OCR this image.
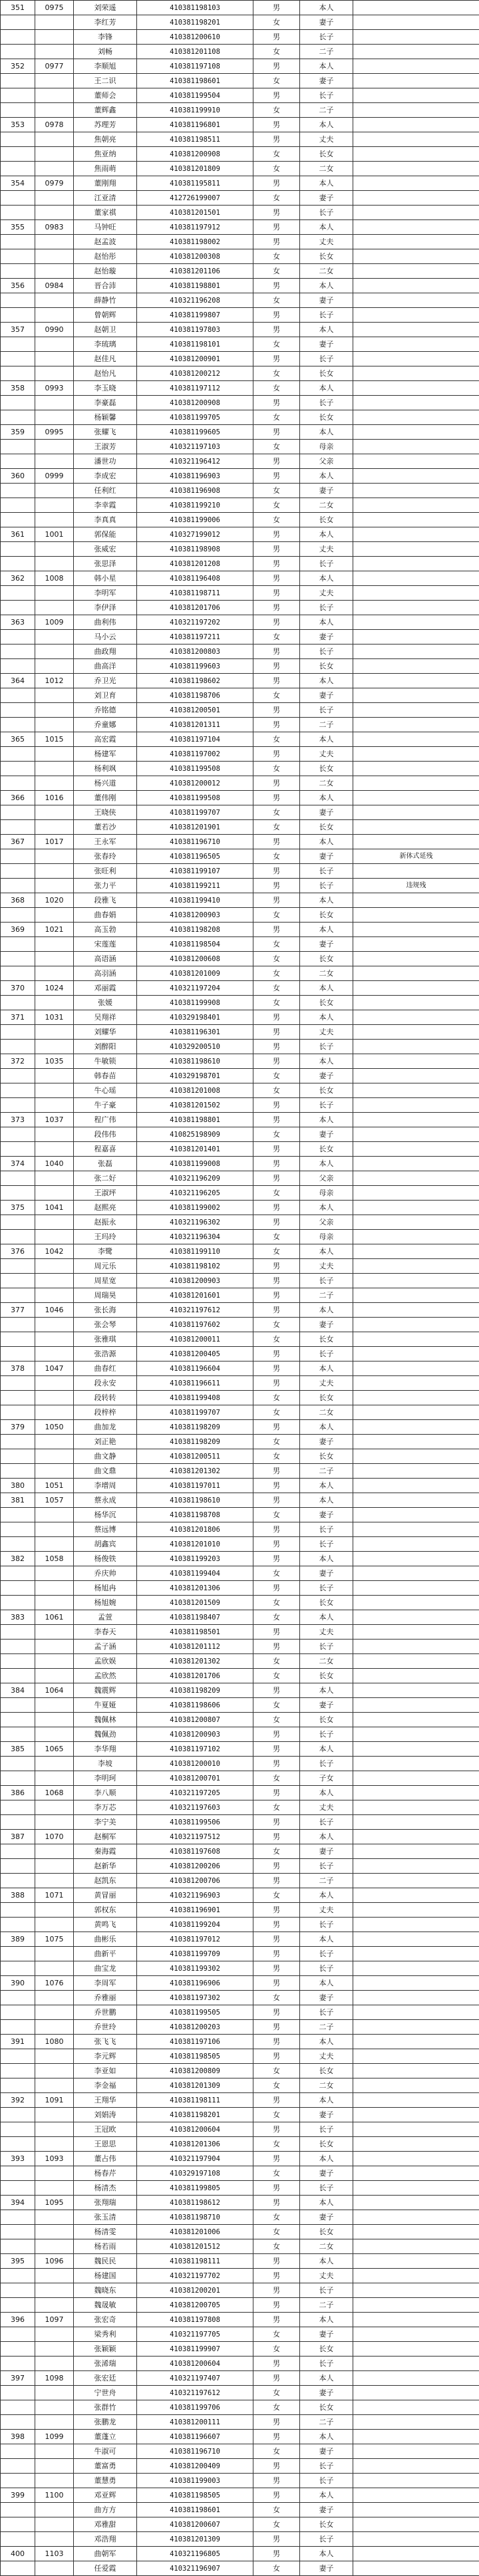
351	0975	刘荣遥	410381198103	男	本人	
		李红芳	410381198201	女	妻子	
		李锋	410381200610	男	长子	
		刘畅	410381201108	女	二子	
352	0977	李顺旭	410381197108	男	本人	
		王二识	410381198601	女	妻子	
		董师会	410381199504	男	长子	
		董辉鑫	410381199910	女	二子	
353	0978	苏理芳	410381196801	男	本人	
		焦朝亮	410381198511	男	丈夫	
		焦亚纳	410381200908	女	长女	
		焦雨萌	410381201809	女	二女	
354	0979	董刚翔	410381195811	男	本人	
		江亚清	412726199007	女	妻子	
		董家祺	410381201501	男	长子	
355	0983	马钟旺	410381197912	男	本人	
		赵孟波	410381198002	男	丈夫	
		赵怡彤	410381200308	女	长女	
		赵怡璇	410381201106	女	二女	
356	0984	晋合沛	410381198801	男	本人	
		薛静竹	410321196208	女	妻子	
		曾朝辉	410381199807	男	长子	
357	0990	赵朝卫	410381197803	男	本人	
		李琉璃	410381198101	女	妻子	
		赵佳凡	410381200901	男	长子	
		赵怡凡	410381200212	女	长女	
358	0993	李玉晓	410381197112	女	本人	
		李豪磊	410381200908	男	长子	
		杨颖馨	410381199705	女	长女	
359	0995	张耀飞	410381199605	男	本人	
		王淑芳	410321197103	女	母亲	
		潘世功	410321196412	男	父亲	
360	0999	李成宏	410381196903	男	本人	
		任利红	410381196908	女	妻子	
		李幸霞	410381199210	女	二女	
		李真真	410381199006	女	长女	
361	1001	郭保能	410327199012	男	本人	
		张威宏	410381198908	男	丈夫	
		张思泽	410381201208	男	长子	
362	1008	韩小星	410381196408	男	本人	
		李明军	410381198711	男	丈夫	
		李伊泽	410381201706	男	长子	
363	1009	曲利伟	410321197202	男	本人	
		马小云	410381197211	女	妻子	
		曲政翔	410381200803	男	长子	
		曲高洋	410381199603	男	长女	
364	1012	乔卫光	410381198602	男	本人	
		刘卫育	410381198706	女	妻子	
		乔铭德	410381200501	男	长子	
		乔童娜	410381201311	男	二子	
365	1015	高宏霞	410381197104	女	本人	
		杨建军	410381197002	男	丈夫	
		杨利飒	410381199508	女	长女	
		杨兴道	410381200012	男	二女	
366	1016	董伟刚	410381199508	男	本人	
		王晓侠	410381199707	女	妻子	
		董若沙	410381201901	女	长女	
367	1017	王永军	410381196710	男	本人	
		张春玲	410381196505	女	妻子	新体式延残
		张旺利	410381199107	男	长子	
		张力平	410381199211	男	长子	违规残
368	1020	段雅飞	410381199410	男	本人	
		曲春娟	410381200903	女	长女	
369	1021	高玉勃	410381198208	男	本人	
		宋莲莲	410381198504	女	妻子	
		高语涵	410381200608	女	长女	
		高羽涵	410381201009	女	二女	
370	1024	邓丽霞	410321197204	女	本人	
		张媛	410381199908	女	长女	
371	1031	吴翔祥	410329198401	男	本人	
		刘耀华	410381196301	男	丈夫	
		刘醉阳	410329200510	男	长子	
372	1035	牛敏锁	410381198610	男	本人	
		韩春苗	410329198701	女	妻子	
		牛心瑶	410381201008	女	长女	
		牛子豪	410381201502	男	长子	
373	1037	程广伟	410381198801	男	本人	
		段伟伟	410825198909	女	妻子	
		程嘉喜	410381201401	男	长女	
374	1040	张磊	410381199008	男	本人	
		张二好	410321196209	男	父亲	
		王淑坪	410321196205	女	母亲	
375	1041	赵熙亮	410381199002	男	本人	
		赵振永	410321196302	男	父亲	
		王玛玲	410321196304	女	母亲	
376	1042	李鹭	410381199110	女	本人	
		周元乐	410381198102	男	丈夫	
		周星宽	410381200903	男	长子	
		周瑞昊	410381201601	男	二子	
377	1046	张长海	410321197612	男	本人	
		张会琴	410381197602	女	妻子	
		张雅琪	410381200011	女	长女	
		张浩源	410381200405	男	长子	
378	1047	曲春红	410381196604	男	本人	
		段永安	410381196611	男	丈夫	
		段转转	410381199408	女	长女	
		段梓梓	410381199707	女	二女	
379	1050	曲加龙	410381198209	男	本人	
		刘正艳	410381198209	女	妻子	
		曲文静	410381200511	女	长女	
		曲文鼎	410381201302	男	二子	
380	1051	李增周	410381197011	男	本人	
381	1057	蔡永成	410381198610	男	本人	
		杨华沉	410381198708	女	妻子	
		蔡远博	410381201806	男	长子	
		胡鑫宾	410381201010	男	长子	
382	1058	杨俊铁	410381199203	男	本人	
		乔庆帅	410381199404	女	妻子	
		杨旭冉	410381201306	男	长子	
		杨旭婉	410381201509	女	长女	
383	1061	孟萱	410381198407	女	本人	
		李春天	410381198501	男	丈夫	
		孟子涵	410381201112	男	长子	
		孟欣娱	410381201302	女	二女	
		孟欣然	410381201706	女	长女	
384	1064	魏震辉	410381198209	男	本人	
		牛夏娅	410381198606	女	妻子	
		魏佩林	410381200807	女	长女	
		魏佩劲	410381200903	男	长子	
385	1065	李华翔	410381197102	男	本人	
		李坡	410381200010	男	长子	
		李明珂	410381200701	女	子女	
386	1068	李八顺	410321197205	男	本人	
		李万芯	410321197603	女	丈夫	
		李宁美	410381199506	男	长子	
387	1070	赵桐军	410321197512	男	本人	
		秦海霞	410381197608	女	妻子	
		赵新华	410381200206	男	长子	
		赵凯东	410381200706	男	二子	
388	1071	黄冒丽	410321196903	女	本人	
		郭权东	410381196901	男	丈夫	
		黄鸣飞	410381199204	男	长子	
389	1075	曲彬乐	410381197012	男	本人	
		曲新平	410381199709	男	长子	
		曲宝龙	410381199302	男	长子	
390	1076	李周军	410381196906	男	本人	
		乔雅丽	410381197302	女	妻子	
		乔世鹏	410381199505	男	长子	
		乔世玲	410381200203	男	二子	
391	1080	张飞飞	410381197106	男	本人	
		李元辉	410381198505	男	丈夫	
		李亚如	410381200809	女	长女	
		李金福	410381201309	女	二女	
392	1091	王翔华	410381198111	男	本人	
		刘娟涛	410381198201	女	妻子	
		王冠欧	410381200604	男	长子	
		王恩思	410381201306	女	长女	
393	1093	董占伟	410321197904	男	本人	
		杨春芹	410329197108	女	妻子	
		杨清杰	410381199805	男	长子	
394	1095	张翔瑞	410381198612	男	本人	
		张玉清	410381198710	女	妻子	
		杨清雯	410381201006	女	长女	
		杨若雨	410381201512	女	二女	
395	1096	魏民民	410381198111	男	本人	
		杨建国	410321197702	男	丈夫	
		魏晓东	410381200201	男	长子	
		魏晟敏	410381200705	男	二子	
396	1097	张宏奇	410381197808	男	本人	
		梁秀利	410321197705	女	妻子	
		张颖颖	410381199907	女	长女	
		张浠瑞	410381200604	男	长子	
397	1098	张宏廷	410321197407	男	本人	
		宁世舟	410321197612	女	妻子	
		张群竹	410381199706	女	长女	
		张鹏龙	410381200111	男	二子	
398	1099	董蓬立	410381196607	男	本人	
		牛淑可	410381196710	女	妻子	
		董富勇	410381200409	男	长子	
		董慧勇	410381199003	男	长子	
399	1100	邓亚辉	410381198505	男	本人	
		曲方方	410381198601	女	妻子	
		邓雅甜	410381200607	女	长女	
		邓浩翔	410381201309	男	长子	
400	1103	曲朝军	410321196805	男	本人	
		任爱霞	410321196907	女	妻子	
